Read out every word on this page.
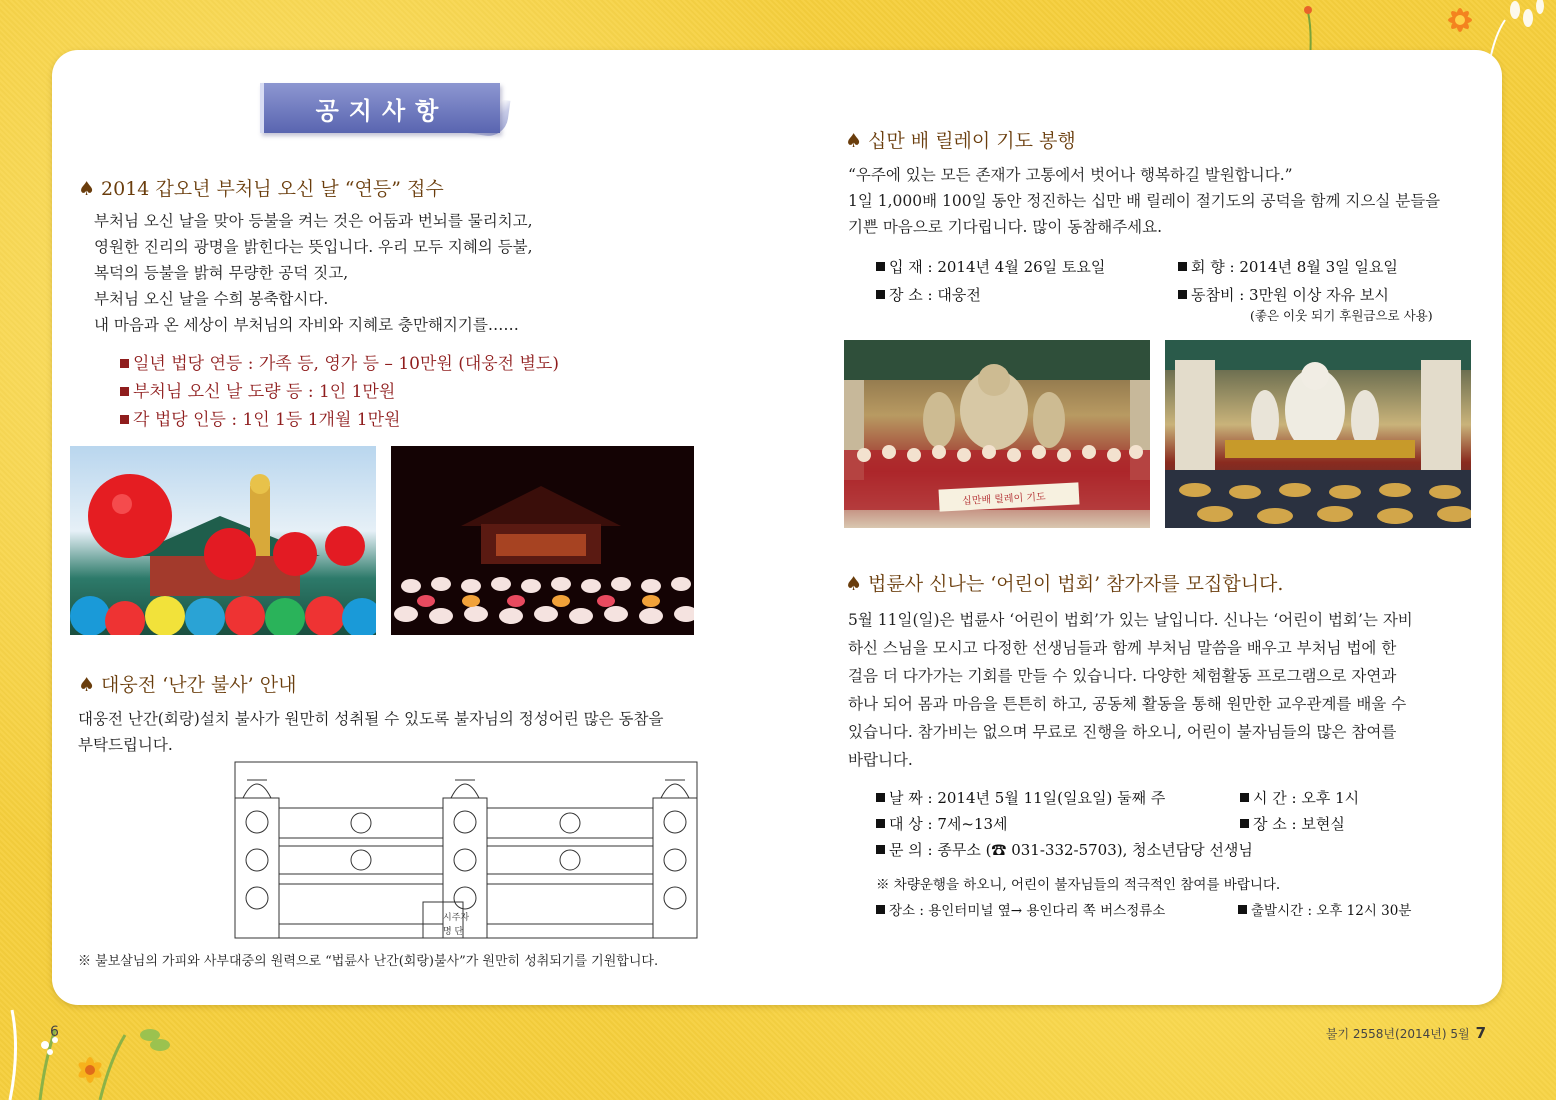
공지사항
♠ 2014 갑오년 부처님 오신 날 “연등” 접수

부처님 오신 날을 맞아 등불을 켜는 것은 어둠과 번뇌를 물리치고,

영원한 진리의 광명을 밝힌다는 뜻입니다. 우리 모두 지혜의 등불,

복덕의 등불을 밝혀 무량한 공덕 짓고,

부처님 오신 날을 수희 봉축합시다.

내 마음과 온 세상이 부처님의 자비와 지혜로 충만해지기를……

일년 법당 연등 : 가족 등, 영가 등 – 10만원 (대웅전 별도)
부처님 오신 날 도량 등 : 1인 1만원
각 법당 인등 : 1인 1등 1개월 1만원
♠ 대웅전 ‘난간 불사’ 안내

대웅전 난간(회랑)설치 불사가 원만히 성취될 수 있도록 불자님의 정성어린 많은 동참을

부탁드립니다.

시주자
명 단

※ 불보살님의 가피와 사부대중의 원력으로 “법륜사 난간(회랑)불사”가 원만히 성취되기를 기원합니다.

♠ 십만 배 릴레이 기도 봉행

“우주에 있는 모든 존재가 고통에서 벗어나 행복하길 발원합니다.”

1일 1,000배 100일 동안 정진하는 십만 배 릴레이 절기도의 공덕을 함께 지으실 분들을

기쁜 마음으로 기다립니다. 많이 동참해주세요.

입 재 : 2014년 4월 26일 토요일	회 향 : 2014년 8월 3일 일요일
장 소 : 대웅전	동참비 : 3만원 이상 자유 보시
(좋은 이웃 되기 후원금으로 사용)
십만배 릴레이 기도
♠ 법륜사 신나는 ‘어린이 법회’ 참가자를 모집합니다.

5월 11일(일)은 법륜사 ‘어린이 법회’가 있는 날입니다. 신나는 ‘어린이 법회’는 자비

하신 스님을 모시고 다정한 선생님들과 함께 부처님 말씀을 배우고 부처님 법에 한

걸음 더 다가가는 기회를 만들 수 있습니다. 다양한 체험활동 프로그램으로 자연과

하나 되어 몸과 마음을 튼튼히 하고, 공동체 활동을 통해 원만한 교우관계를 배울 수

있습니다. 참가비는 없으며 무료로 진행을 하오니, 어린이 불자님들의 많은 참여를

바랍니다.

날 짜 : 2014년 5월 11일(일요일) 둘째 주	시 간 : 오후 1시
대 상 : 7세~13세	장 소 : 보현실
문 의 : 종무소 (☎ 031-332-5703), 청소년담당 선생님
※ 차량운행을 하오니, 어린이 불자님들의 적극적인 참여를 바랍니다.
장소 : 용인터미널 옆→ 용인다리 쪽 버스정류소	출발시간 : 오후 12시 30분
6	불기 2558년(2014년) 5월 7
